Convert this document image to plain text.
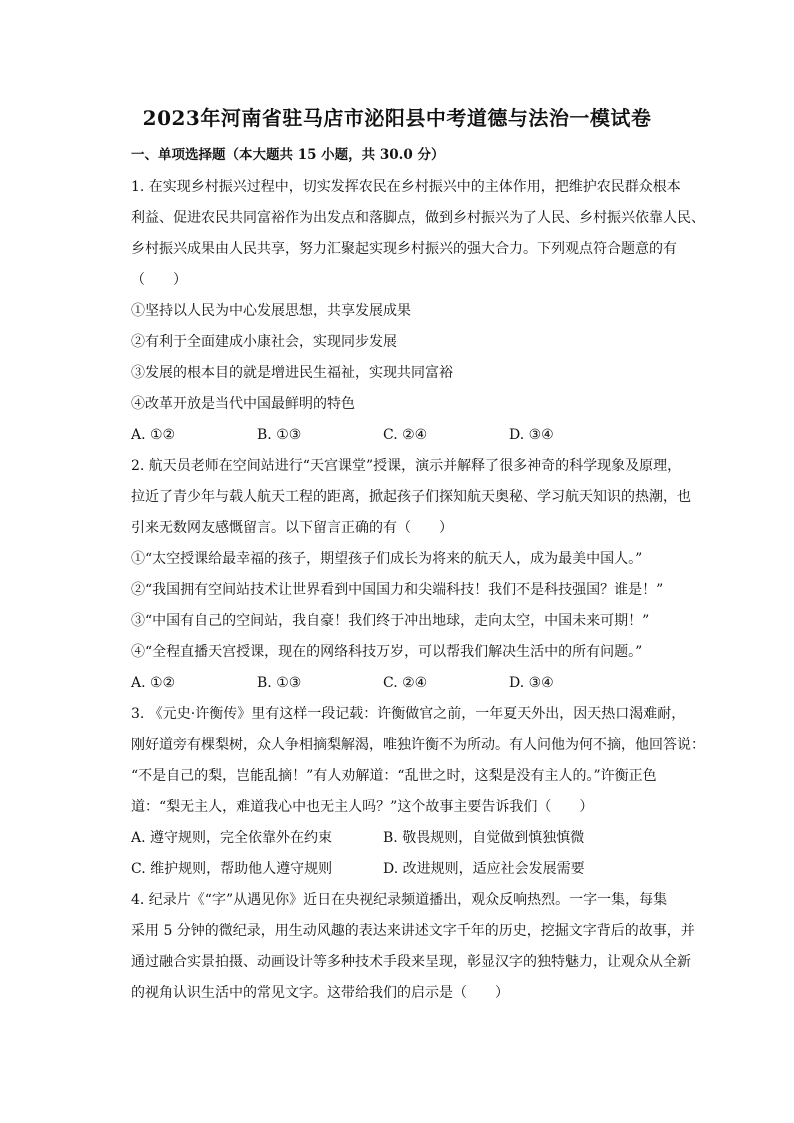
2023年河南省驻马店市泌阳县中考道德与法治一模试卷
一、单项选择题（本大题共 15 小题，共 30.0 分）
1. 在实现乡村振兴过程中，切实发挥农民在乡村振兴中的主体作用，把维护农民群众根本
利益、促进农民共同富裕作为出发点和落脚点，做到乡村振兴为了人民、乡村振兴依靠人民、
乡村振兴成果由人民共享，努力汇聚起实现乡村振兴的强大合力。下列观点符合题意的有
（　　）
①坚持以人民为中心发展思想，共享发展成果
②有利于全面建成小康社会，实现同步发展
③发展的根本目的就是增进民生福祉，实现共同富裕
④改革开放是当代中国最鲜明的特色
A. ①②	B. ①③	C. ②④	D. ③④
2. 航天员老师在空间站进行“天宫课堂”授课，演示并解释了很多神奇的科学现象及原理，
拉近了青少年与载人航天工程的距离，掀起孩子们探知航天奥秘、学习航天知识的热潮，也
引来无数网友感慨留言。以下留言正确的有（　　）
①“太空授课给最幸福的孩子，期望孩子们成长为将来的航天人，成为最美中国人。”
②“我国拥有空间站技术让世界看到中国国力和尖端科技！我们不是科技强国？谁是！”
③“中国有自己的空间站，我自豪！我们终于冲出地球，走向太空，中国未来可期！”
④“全程直播天宫授课，现在的网络科技万岁，可以帮我们解决生活中的所有问题。”
A. ①②	B. ①③	C. ②④	D. ③④
3. 《元史·许衡传》里有这样一段记载：许衡做官之前，一年夏天外出，因天热口渴难耐，
刚好道旁有棵梨树，众人争相摘梨解渴，唯独许衡不为所动。有人问他为何不摘，他回答说：
“不是自己的梨，岂能乱摘！”有人劝解道：“乱世之时，这梨是没有主人的。”许衡正色
道：“梨无主人，难道我心中也无主人吗？”这个故事主要告诉我们（　　）
A. 遵守规则，完全依靠外在约束	B. 敬畏规则，自觉做到慎独慎微
C. 维护规则，帮助他人遵守规则	D. 改进规则，适应社会发展需要
4. 纪录片《“字”从遇见你》近日在央视纪录频道播出，观众反响热烈。一字一集，每集
采用 5 分钟的微纪录，用生动风趣的表达来讲述文字千年的历史，挖掘文字背后的故事，并
通过融合实景拍摄、动画设计等多种技术手段来呈现，彰显汉字的独特魅力，让观众从全新
的视角认识生活中的常见文字。这带给我们的启示是（　　）
